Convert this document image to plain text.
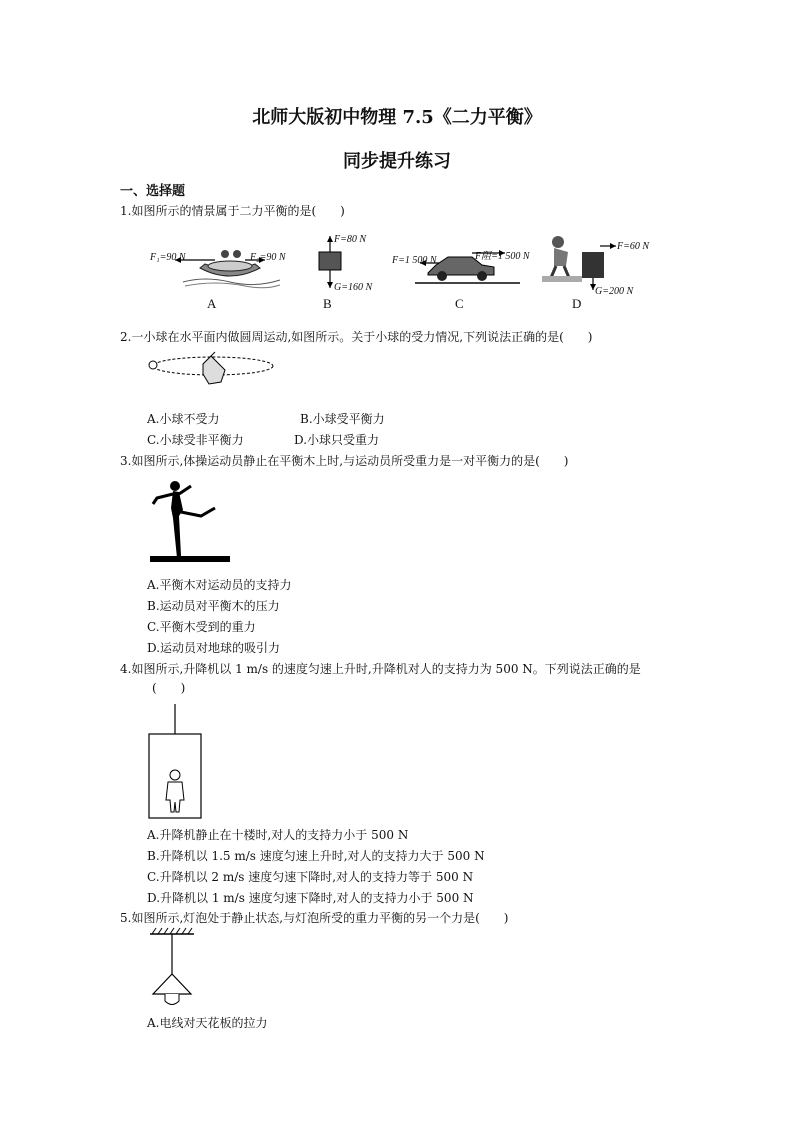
北师大版初中物理 7.5《二力平衡》
同步提升练习
一、选择题
1.如图所示的情景属于二力平衡的是(　　)
F₁=90 N	F₂=90 N
A
F=80 N
G=160 N
B
F=1 500 N	F阻=1 500 N
C
F=60 N
G=200 N
D
2.一小球在水平面内做圆周运动,如图所示。关于小球的受力情况,下列说法正确的是(　　)
A.小球不受力	B.小球受平衡力
C.小球受非平衡力	D.小球只受重力
3.如图所示,体操运动员静止在平衡木上时,与运动员所受重力是一对平衡力的是(　　)
A.平衡木对运动员的支持力
B.运动员对平衡木的压力
C.平衡木受到的重力
D.运动员对地球的吸引力
4.如图所示,升降机以 1 m/s 的速度匀速上升时,升降机对人的支持力为 500 N。下列说法正确的是
(　　)
A.升降机静止在十楼时,对人的支持力小于 500 N
B.升降机以 1.5 m/s 速度匀速上升时,对人的支持力大于 500 N
C.升降机以 2 m/s 速度匀速下降时,对人的支持力等于 500 N
D.升降机以 1 m/s 速度匀速下降时,对人的支持力小于 500 N
5.如图所示,灯泡处于静止状态,与灯泡所受的重力平衡的另一个力是(　　)
A.电线对天花板的拉力
